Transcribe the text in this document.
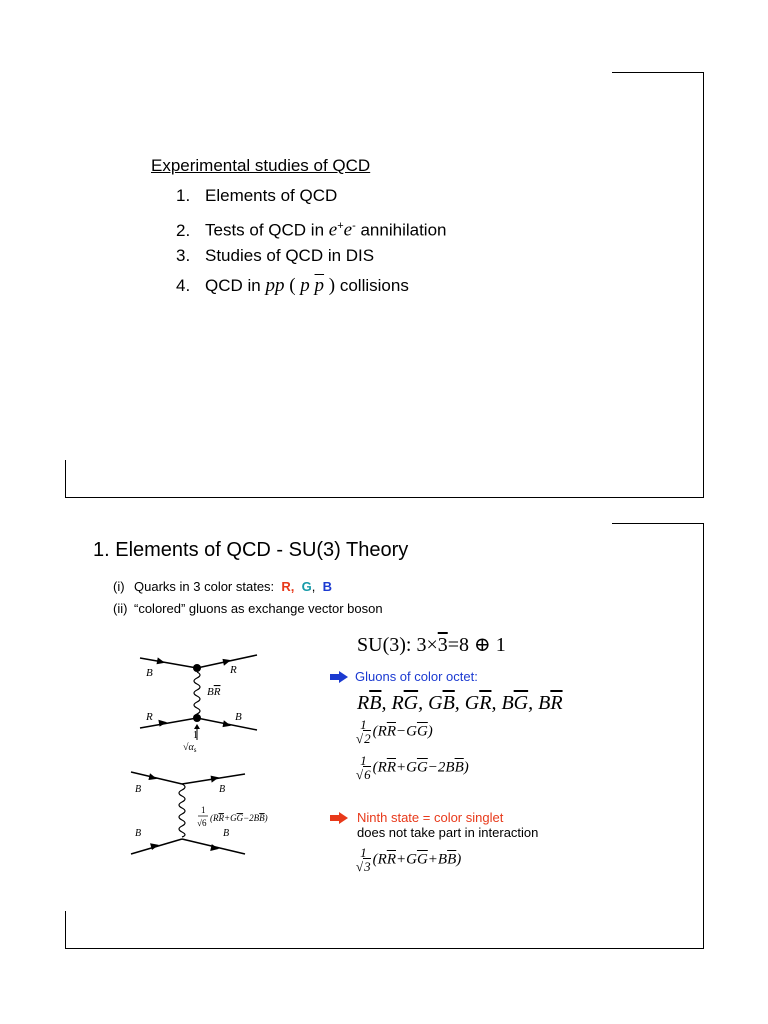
Experimental studies of QCD
1. Elements of QCD
2. Tests of QCD in e+e- annihilation
3. Studies of QCD in DIS
4. QCD in pp ( p $\overline{p}$ ) collisions
1. Elements of QCD - SU(3) Theory
(i) Quarks in 3 color states: R, G, B
(ii) “colored” gluons as exchange vector boson
SU(3): 3×3=8 ⊕ 1
Gluons of color octet:
$R\overline{B}$, $R\overline{G}$, $G\overline{B}$, $G\overline{R}$, $B\overline{G}$, $B\overline{R}$
1
√2 $(R\overline{R}-G\overline{G})$
1
√6 $(R\overline{R}+G\overline{G}-2B\overline{B})$
Ninth state = color singlet
does not take part in interaction
1
√3 $(R\overline{R}+G\overline{G}+B\overline{B})$
B	R
BR
R	B
1
$√\alpha_s$
B	B
B	B
1
√6 (RR+GG−2BB)
